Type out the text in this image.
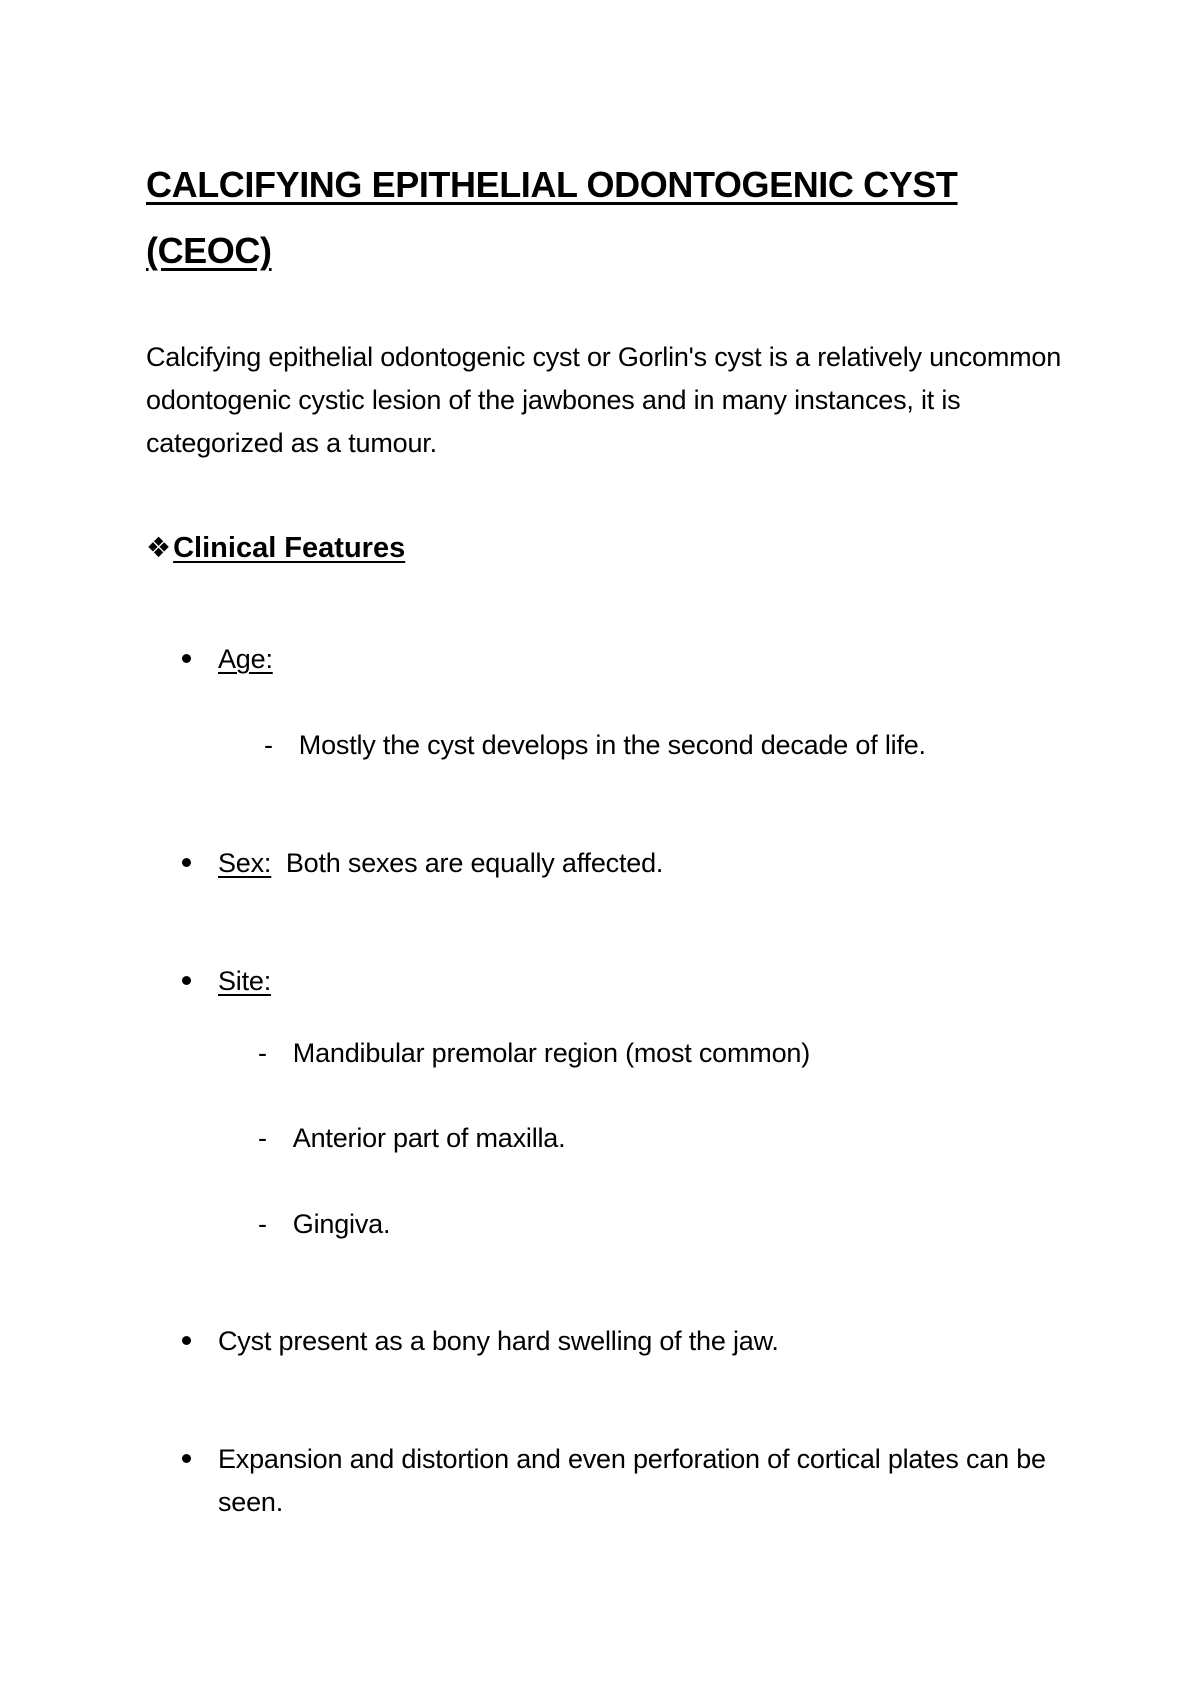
CALCIFYING EPITHELIAL ODONTOGENIC CYST (CEOC)

Calcifying epithelial odontogenic cyst or Gorlin's cyst is a relatively uncommon odontogenic cystic lesion of the jawbones and in many instances, it is categorized as a tumour.

❖Clinical Features
Age:
- Mostly the cyst develops in the second decade of life.
Sex: Both sexes are equally affected.
Site:
- Mandibular premolar region (most common)
- Anterior part of maxilla.
- Gingiva.
Cyst present as a bony hard swelling of the jaw.
Expansion and distortion and even perforation of cortical plates can be seen.
